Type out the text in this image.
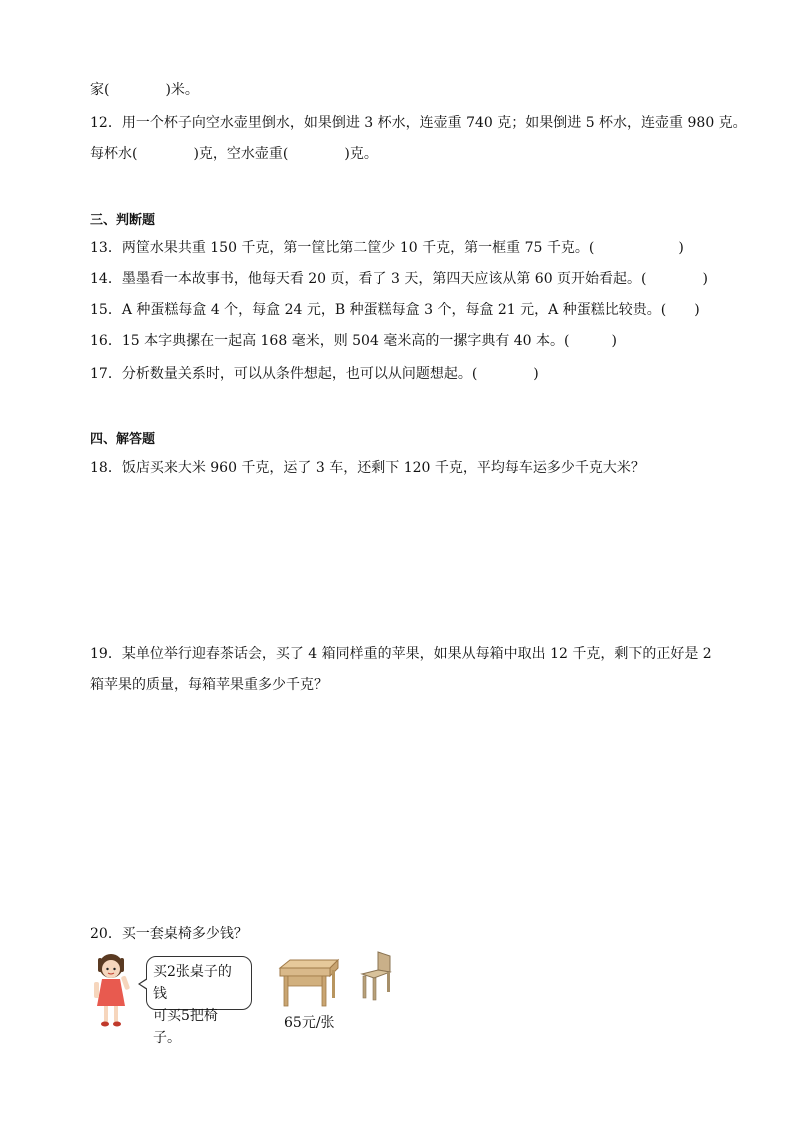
家(　　　　	)米。
12．用一个杯子向空水壶里倒水，如果倒进 3 杯水，连壶重 740 克；如果倒进 5 杯水，连壶重 980 克。
每杯水(　　　　	)克，空水壶重(　　　　	)克。
三、判断题
13．两筐水果共重 150 千克，第一筐比第二筐少 10 千克，第一框重 75 千克。(　　　　　　	)
14．墨墨看一本故事书，他每天看 20 页，看了 3 天，第四天应该从第 60 页开始看起。(　　　　	)
15．A 种蛋糕每盒 4 个，每盒 24 元，B 种蛋糕每盒 3 个，每盒 21 元，A 种蛋糕比较贵。(　　 )
16．15 本字典摞在一起高 168 毫米，则 504 毫米高的一摞字典有 40 本。(　　　	)
17．分析数量关系时，可以从条件想起，也可以从问题想起。(　　　　	)
四、解答题
18．饭店买来大米 960 千克，运了 3 车，还剩下 120 千克，平均每车运多少千克大米？
19．某单位举行迎春茶话会，买了 4 箱同样重的苹果，如果从每箱中取出 12 千克，剩下的正好是 2
箱苹果的质量，每箱苹果重多少千克？
20．买一套桌椅多少钱？
买2张桌子的钱
可买5把椅子。
65元/张
